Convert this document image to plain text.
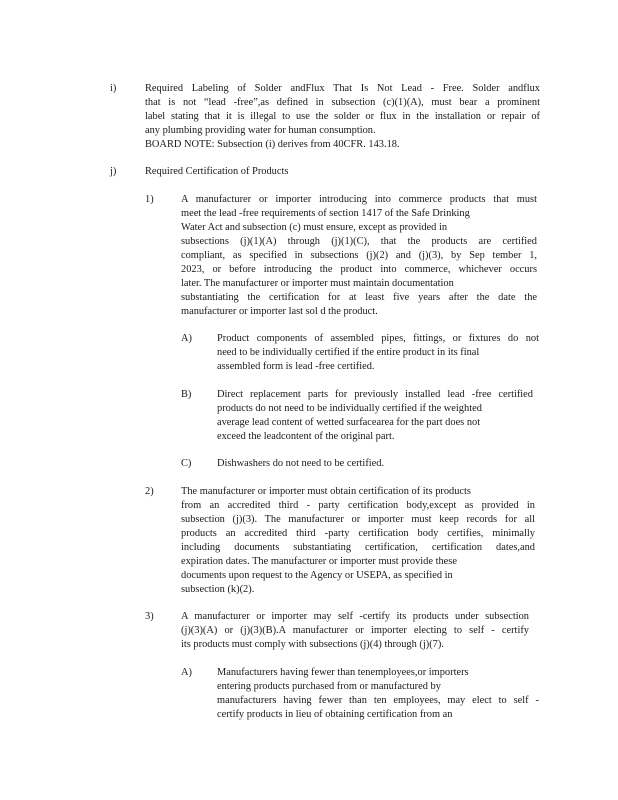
i)	Required Labeling of Solder andFlux That Is Not Lead - Free. Solder andflux
that is not “lead -free”,as defined in subsection (c)(1)(A), must bear a prominent
label stating that it is illegal to use the solder or flux in the installation or repair of
any plumbing providing water for human consumption.
BOARD NOTE: Subsection (i) derives from 40CFR. 143.18.
j)	Required Certification of Products
1)	A manufacturer or importer introducing into commerce products that must
meet the lead -free requirements of section 1417 of the Safe Drinking
Water Act and subsection (c) must ensure, except as provided in
subsections (j)(1)(A) through (j)(1)(C), that the products are certified
compliant, as specified in subsections (j)(2) and (j)(3), by Sep tember 1,
2023, or before introducing the product into commerce, whichever occurs
later. The manufacturer or importer must maintain documentation
substantiating the certification for at least five years after the date the
manufacturer or importer last sol d the product.
A) Product components of assembled pipes, fittings, or fixtures do not
need to be individually certified if the entire product in its final
assembled form is lead -free certified.
B) Direct replacement parts for previously installed lead -free certified
products do not need to be individually certified if the weighted
average lead content of wetted surfacearea for the part does not
exceed the leadcontent of the original part.
C) Dishwashers do not need to be certified.
2)	The manufacturer or importer must obtain certification of its products
from an accredited third - party certification body,except as provided in
subsection (j)(3). The manufacturer or importer must keep records for all
products an accredited third -party certification body certifies, minimally
including documents substantiating certification, certification dates,and
expiration dates. The manufacturer or importer must provide these
documents upon request to the Agency or USEPA, as specified in
subsection (k)(2).
3)	A manufacturer or importer may self -certify its products under subsection
(j)(3)(A) or (j)(3)(B).A manufacturer or importer electing to self - certify
its products must comply with subsections (j)(4) through (j)(7).
A) Manufacturers having fewer than tenemployees,or importers
entering products purchased from or manufactured by
manufacturers having fewer than ten employees, may elect to self -
certify products in lieu of obtaining certification from an
